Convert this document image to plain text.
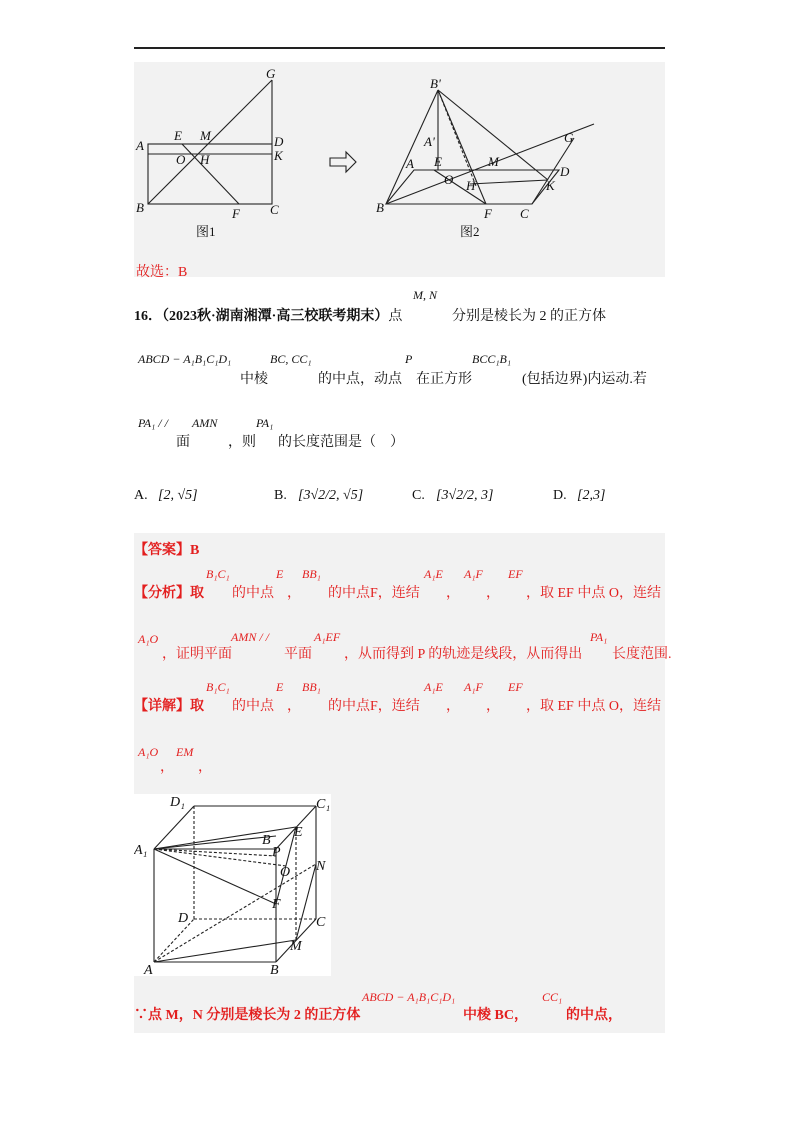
G
A
E M	D
O H	K
B	F C
B'
A'
A E	M
G
O H
D
K
B	F C
图1	图2
故选：B
16．（2023秋·湖南湘潭·高三校联考期末）点
M, N
分别是棱长为 2 的正方体
ABCD − A₁B₁C₁D₁
中棱
BC, CC₁
的中点，动点
P
在正方形
BCC₁B₁
(包括边界)内运动.若
PA₁ / /
面
AMN
，则
PA₁
的长度范围是（　）
A. [2, √5]	B. [3√2/2, √5]	C. [3√2/2, 3]	D. [2,3]
【答案】B
【分析】取
B₁C₁
的中点
E
，
BB₁
的中点F，连结
A₁E
，
A₁F
，
EF
，取 EF 中点 O，连结
A₁O
，证明平面
AMN / /
平面
A₁EF
，从而得到 P 的轨迹是线段，从而得出
PA₁
长度范围.
【详解】取
B₁C₁
的中点
E
，
BB₁
的中点F，连结
A₁E
，
A₁F
，
EF
，取 EF 中点 O，连结
A₁O
，
EM
，
D₁	C₁
A₁
B
E
P
O N
F
D	C
M
A	B
∵点 M，N 分别是棱长为 2 的正方体
ABCD − A₁B₁C₁D₁
中棱 BC，
CC₁
的中点，
